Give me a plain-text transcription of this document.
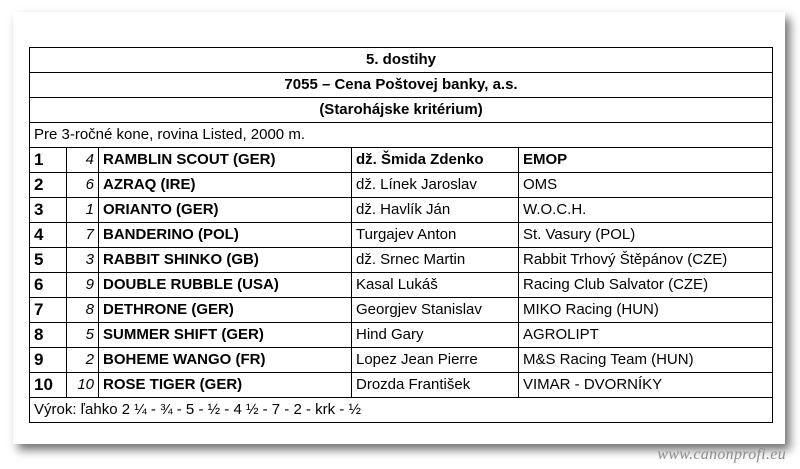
5. dostihy				
7055 – Cena Poštovej banky, a.s.				
(Starohájske kritérium)				
Pre 3-ročné kone, rovina Listed, 2000 m.				
1	4	RAMBLIN SCOUT (GER)	dž. Šmida Zdenko	EMOP
2	6	AZRAQ (IRE)	dž. Línek Jaroslav	OMS
3	1	ORIANTO (GER)	dž. Havlík Ján	W.O.C.H.
4	7	BANDERINO (POL)	Turgajev Anton	St. Vasury (POL)
5	3	RABBIT SHINKO (GB)	dž. Srnec Martin	Rabbit Trhový Štěpánov (CZE)
6	9	DOUBLE RUBBLE (USA)	Kasal Lukáš	Racing Club Salvator (CZE)
7	8	DETHRONE (GER)	Georgjev Stanislav	MIKO Racing (HUN)
8	5	SUMMER SHIFT (GER)	Hind Gary	AGROLIPT
9	2	BOHEME WANGO (FR)	Lopez Jean Pierre	M&S Racing Team (HUN)
10	10	ROSE TIGER (GER)	Drozda František	VIMAR - DVORNÍKY
Výrok: ľahko 2 ¼ - ¾ - 5 - ½ - 4 ½ - 7 - 2 - krk - ½				
www.canonprofi.eu
